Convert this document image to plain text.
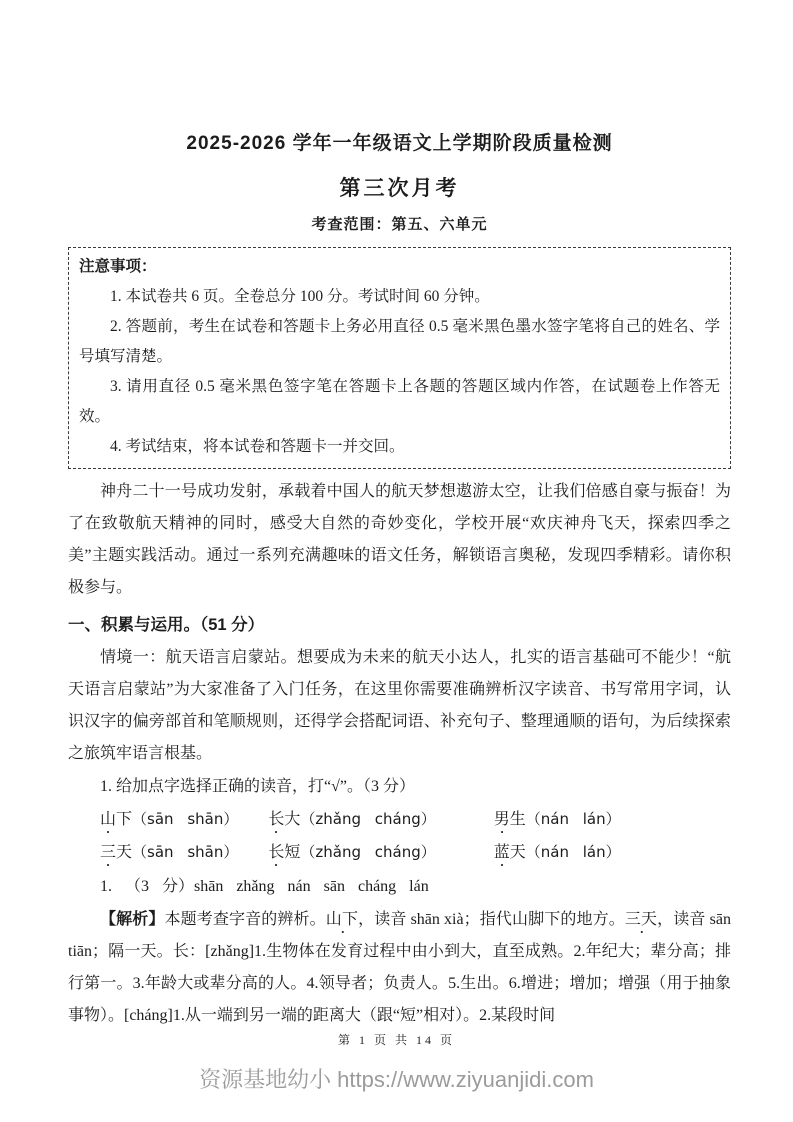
2025-2026 学年一年级语文上学期阶段质量检测
第三次月考
考查范围：第五、六单元

注意事项：

1. 本试卷共 6 页。全卷总分 100 分。考试时间 60 分钟。

2. 答题前，考生在试卷和答题卡上务必用直径 0.5 毫米黑色墨水签字笔将自己的姓名、学号填写清楚。

3. 请用直径 0.5 毫米黑色签字笔在答题卡上各题的答题区域内作答，在试题卷上作答无效。

4. 考试结束，将本试卷和答题卡一并交回。

神舟二十一号成功发射，承载着中国人的航天梦想遨游太空，让我们倍感自豪与振奋！为了在致敬航天精神的同时，感受大自然的奇妙变化，学校开展“欢庆神舟飞天，探索四季之美”主题实践活动。通过一系列充满趣味的语文任务，解锁语言奥秘，发现四季精彩。请你积极参与。

一、积累与运用。（51 分）

情境一：航天语言启蒙站。想要成为未来的航天小达人，扎实的语言基础可不能少！“航天语言启蒙站”为大家准备了入门任务，在这里你需要准确辨析汉字读音、书写常用字词，认识汉字的偏旁部首和笔顺规则，还得学会搭配词语、补充句子、整理通顺的语句，为后续探索之旅筑牢语言根基。

1. 给加点字选择正确的读音，打“√”。（3 分）

山下（sān shān） 长大（zhǎng cháng）	男生（nán lán）
三天（sān shān） 长短（zhǎng cháng）	蓝天（nán lán）

1. （3 分）shān zhǎng nán sān cháng lán

【解析】本题考查字音的辨析。山下，读音 shān xià；指代山脚下的地方。三天，读音 sān tiān；隔一天。长：[zhǎng]1.生物体在发育过程中由小到大，直至成熟。2.年纪大；辈分高；排行第一。3.年龄大或辈分高的人。4.领导者；负责人。5.生出。6.增进；增加；增强（用于抽象事物）。[cháng]1.从一端到另一端的距离大（跟“短”相对）。2.某段时间

第 1 页 共 14 页
资源基地幼小 https://www.ziyuanjidi.com
